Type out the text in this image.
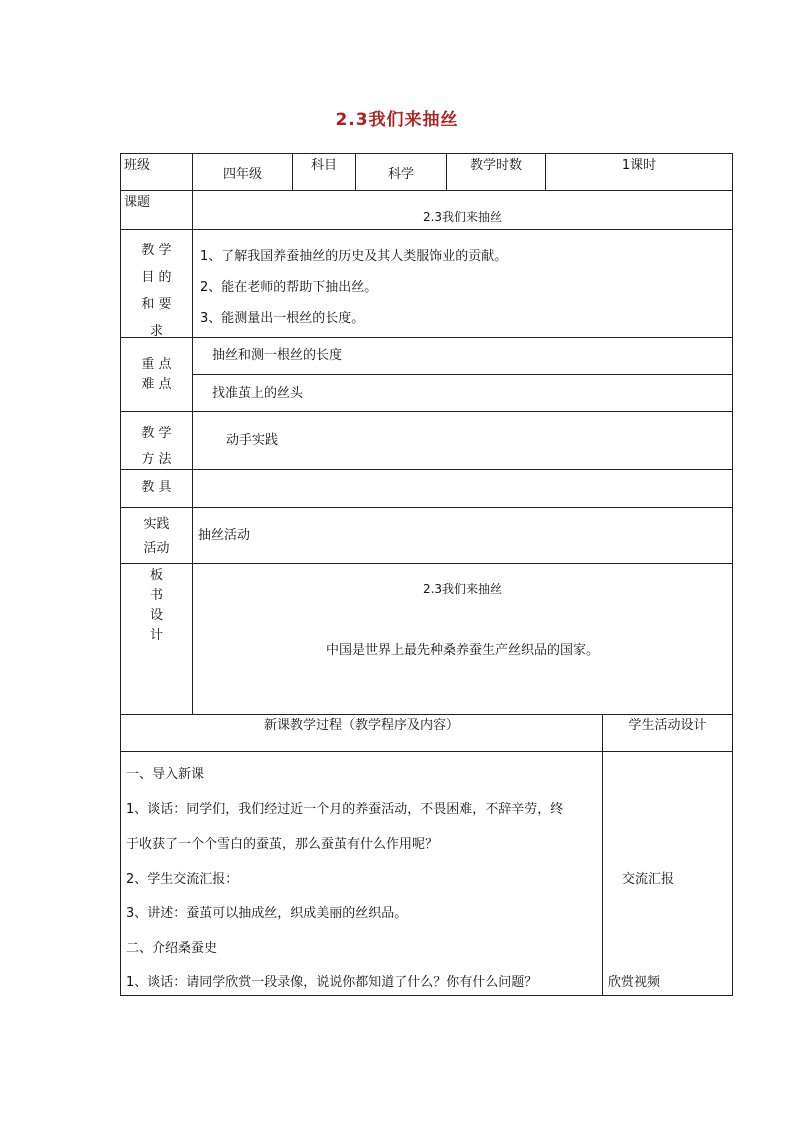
2.3我们来抽丝
班级
四年级
科目
科学
教学时数	1课时
课题
2.3我们来抽丝
教 学
目 的
和 要
求
1、了解我国养蚕抽丝的历史及其人类服饰业的贡献。
2、能在老师的帮助下抽出丝。
3、能测量出一根丝的长度。
重 点
难 点
抽丝和测一根丝的长度
找准茧上的丝头
教 学
方 法
动手实践
教 具
实践
活动
抽丝活动
板
书
设
计
2.3我们来抽丝
中国是世界上最先种桑养蚕生产丝织品的国家。
新课教学过程（教学程序及内容）	学生活动设计
一、导入新课
1、谈话：同学们，我们经过近一个月的养蚕活动，不畏困难，不辞辛劳，终
于收获了一个个雪白的蚕茧，那么蚕茧有什么作用呢？
2、学生交流汇报：
3、讲述：蚕茧可以抽成丝，织成美丽的丝织品。
二、介绍桑蚕史
1、谈话：请同学欣赏一段录像，说说你都知道了什么？你有什么问题？
交流汇报
欣赏视频
